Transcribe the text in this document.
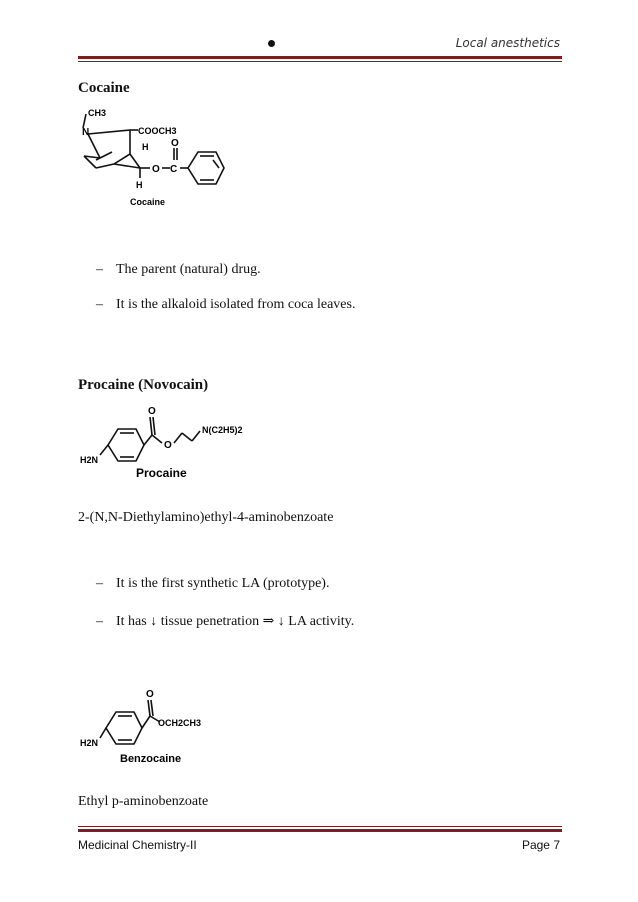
Local anesthetics
Cocaine
CH3
N	COOCH3
H
O C
O
H
Cocaine
– The parent (natural) drug.
– It is the alkaloid isolated from coca leaves.
Procaine (Novocain)
H2N
O
O
N(C2H5)2
Procaine
2-(N,N-Diethylamino)ethyl-4-aminobenzoate
– It is the first synthetic LA (prototype).
– It has ↓ tissue penetration ⇒ ↓ LA activity.
H2N
O
OCH2CH3
Benzocaine
Ethyl p-aminobenzoate
Medicinal Chemistry-II	Page 7
